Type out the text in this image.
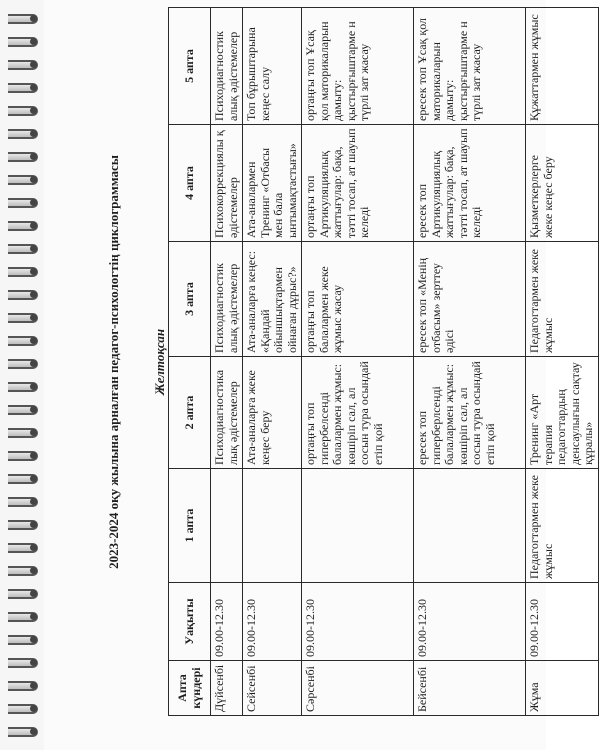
2023-2024 оқу жылына арналған педагог-психологтің циклограммасы Желтоқсан
Апта күндері	Уақыты	1 апта	2 апта	3 апта	4 апта	5 апта
Дүйсенбі	09.00-12.30		Психодиагностика лық әдістемелер	Психодиагностик алық әдістемелер	Психокоррекциялы қ әдістемелер	Психодиагностик алық әдістемелер
Сейсенбі	09.00-12.30		Ата-аналарға жеке кеңес беру	Ата-аналарға кеңес: «Қандай ойыншықтармен ойнаған дұрыс?»	Ата-аналармен Тренинг «Отбасы мен бала ынтымақтастығы»	Топ бұрыштарына кеңес салу
Сәрсенбі	09.00-12.30		ортаңғы топ гипербелсенді балалармен жұмыс: көшіріп сал, ал сосын тура осындай етіп қой	ортаңғы топ балалармен жеке жұмыс жасау	ортаңғы топ Артикуляциялық жаттығулар: бақа, тәтті тосап, ат шауып келеді	ортаңғы топ Ұсақ қол маторикаларын дамыту: қыстырғыштарме н түрлі зат жасау
Бейсенбі	09.00-12.30		ересек топ гиперберлсенді балалармен жұмыс: көшіріп сал, ал сосын тура осындай етіп қой	ересек топ «Менің отбасым» зерттеу әдісі	ересек топ Артикуляциялық жаттығулар: бақа, тәтті тосап, ат шауып келеді	ересек топ Ұсақ қол маторикаларын дамыту: қыстырғыштарме н түрлі зат жасау
Жұма	09.00-12.30	Педагогтармен жеке жұмыс	Тренинг «Арт терапия педагогтардың денсаулығын сақтау құралы»	Педагогтармен жеке жұмыс	Қызметкерлерге жеке кеңес беру	Құжаттармен жұмыс
